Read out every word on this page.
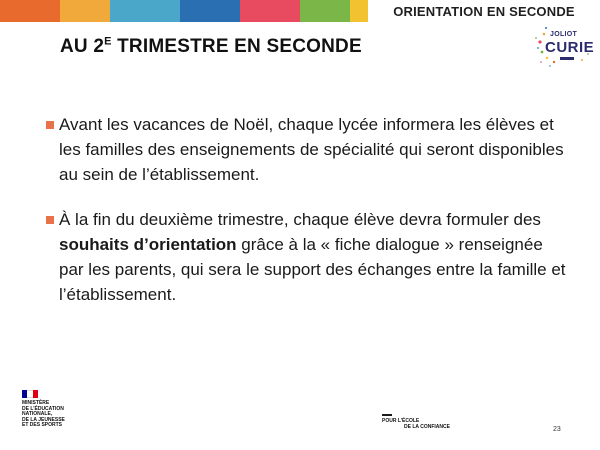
ORIENTATION EN SECONDE
AU $2^E$ TRIMESTRE EN SECONDE
JOLIOT
CURIE

Avant les vacances de Noël, chaque lycée informera les élèves et les familles des enseignements de spécialité qui seront disponibles au sein de l’établissement.

À la fin du deuxième trimestre, chaque élève devra formuler des souhaits d’orientation grâce à la « fiche dialogue » renseignée par les parents, qui sera le support des échanges entre la famille et l’établissement.

MINISTÈRE
DE L’ÉDUCATION
NATIONALE,
DE LA JEUNESSE
ET DES SPORTS
POUR L’ÉCOLE
DE LA CONFIANCE	23
